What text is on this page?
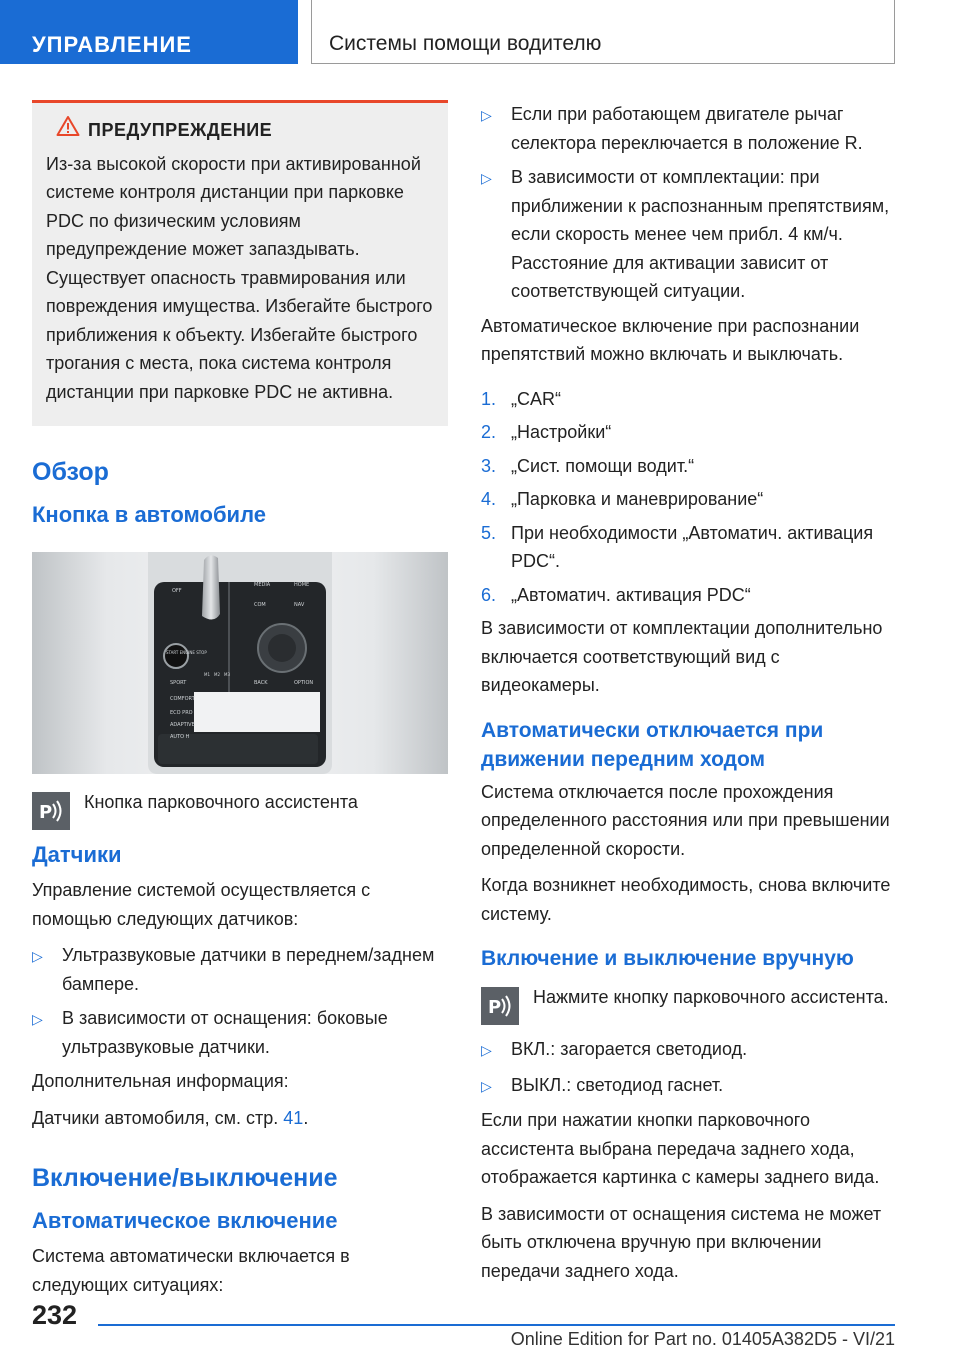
УПРАВЛЕНИЕ	Системы помощи водителю
ПРЕДУПРЕЖДЕНИЕ
Из-за высокой скорости при активированной системе контроля дистанции при парковке PDC по физическим условиям предупреждение может запаздывать. Существует опасность травмирования или повреждения имущества. Избегайте быстрого приближения к объекту. Избегайте быстрого трогания с места, пока система контроля дистанции при парковке PDC не активна.
Обзор
Кнопка в автомобиле
OFF
MEDIA	HOME
COM	NAV
START ENGINE STOP
SPORT
COMFORT
ECO PRO
ADAPTIVE
AUTO H
BACK	OPTION
M1 M2 M3
P Кнопка парковочного ассистента
Датчики

Управление системой осуществляется с помощью следующих датчиков:

▷	Ультразвуковые датчики в переднем/заднем бампере.
▷	В зависимости от оснащения: боковые ультразвуковые датчики.

Дополнительная информация:

Датчики автомобиля, см. стр. 41.

Включение/выключение
Автоматическое включение

Система автоматически включается в следующих ситуациях:

▷	Если при работающем двигателе рычаг селектора переключается в положение R.
▷	В зависимости от комплектации: при приближении к распознанным препятствиям, если скорость менее чем прибл. 4 км/ч. Расстояние для активации зависит от соответствующей ситуации.

Автоматическое включение при распознании препятствий можно включать и выключать.

1. „CAR“
2. „Настройки“
3. „Сист. помощи водит.“
4. „Парковка и маневрирование“
5. При необходимости „Автоматич. активация PDC“.
6. „Автоматич. активация PDC“

В зависимости от комплектации дополнительно включается соответствующий вид с видеокамеры.

Автоматически отключается при движении передним ходом

Система отключается после прохождения определенного расстояния или при превышении определенной скорости.

Когда возникнет необходимость, снова включите систему.

Включение и выключение вручную
P Нажмите кнопку парковочного ассистента.
▷	ВКЛ.: загорается светодиод.
▷	ВЫКЛ.: светодиод гаснет.

Если при нажатии кнопки парковочного ассистента выбрана передача заднего хода, отображается картинка с камеры заднего вида.

В зависимости от оснащения система не может быть отключена вручную при включении передачи заднего хода.

232
Online Edition for Part no. 01405A382D5 - VI/21
